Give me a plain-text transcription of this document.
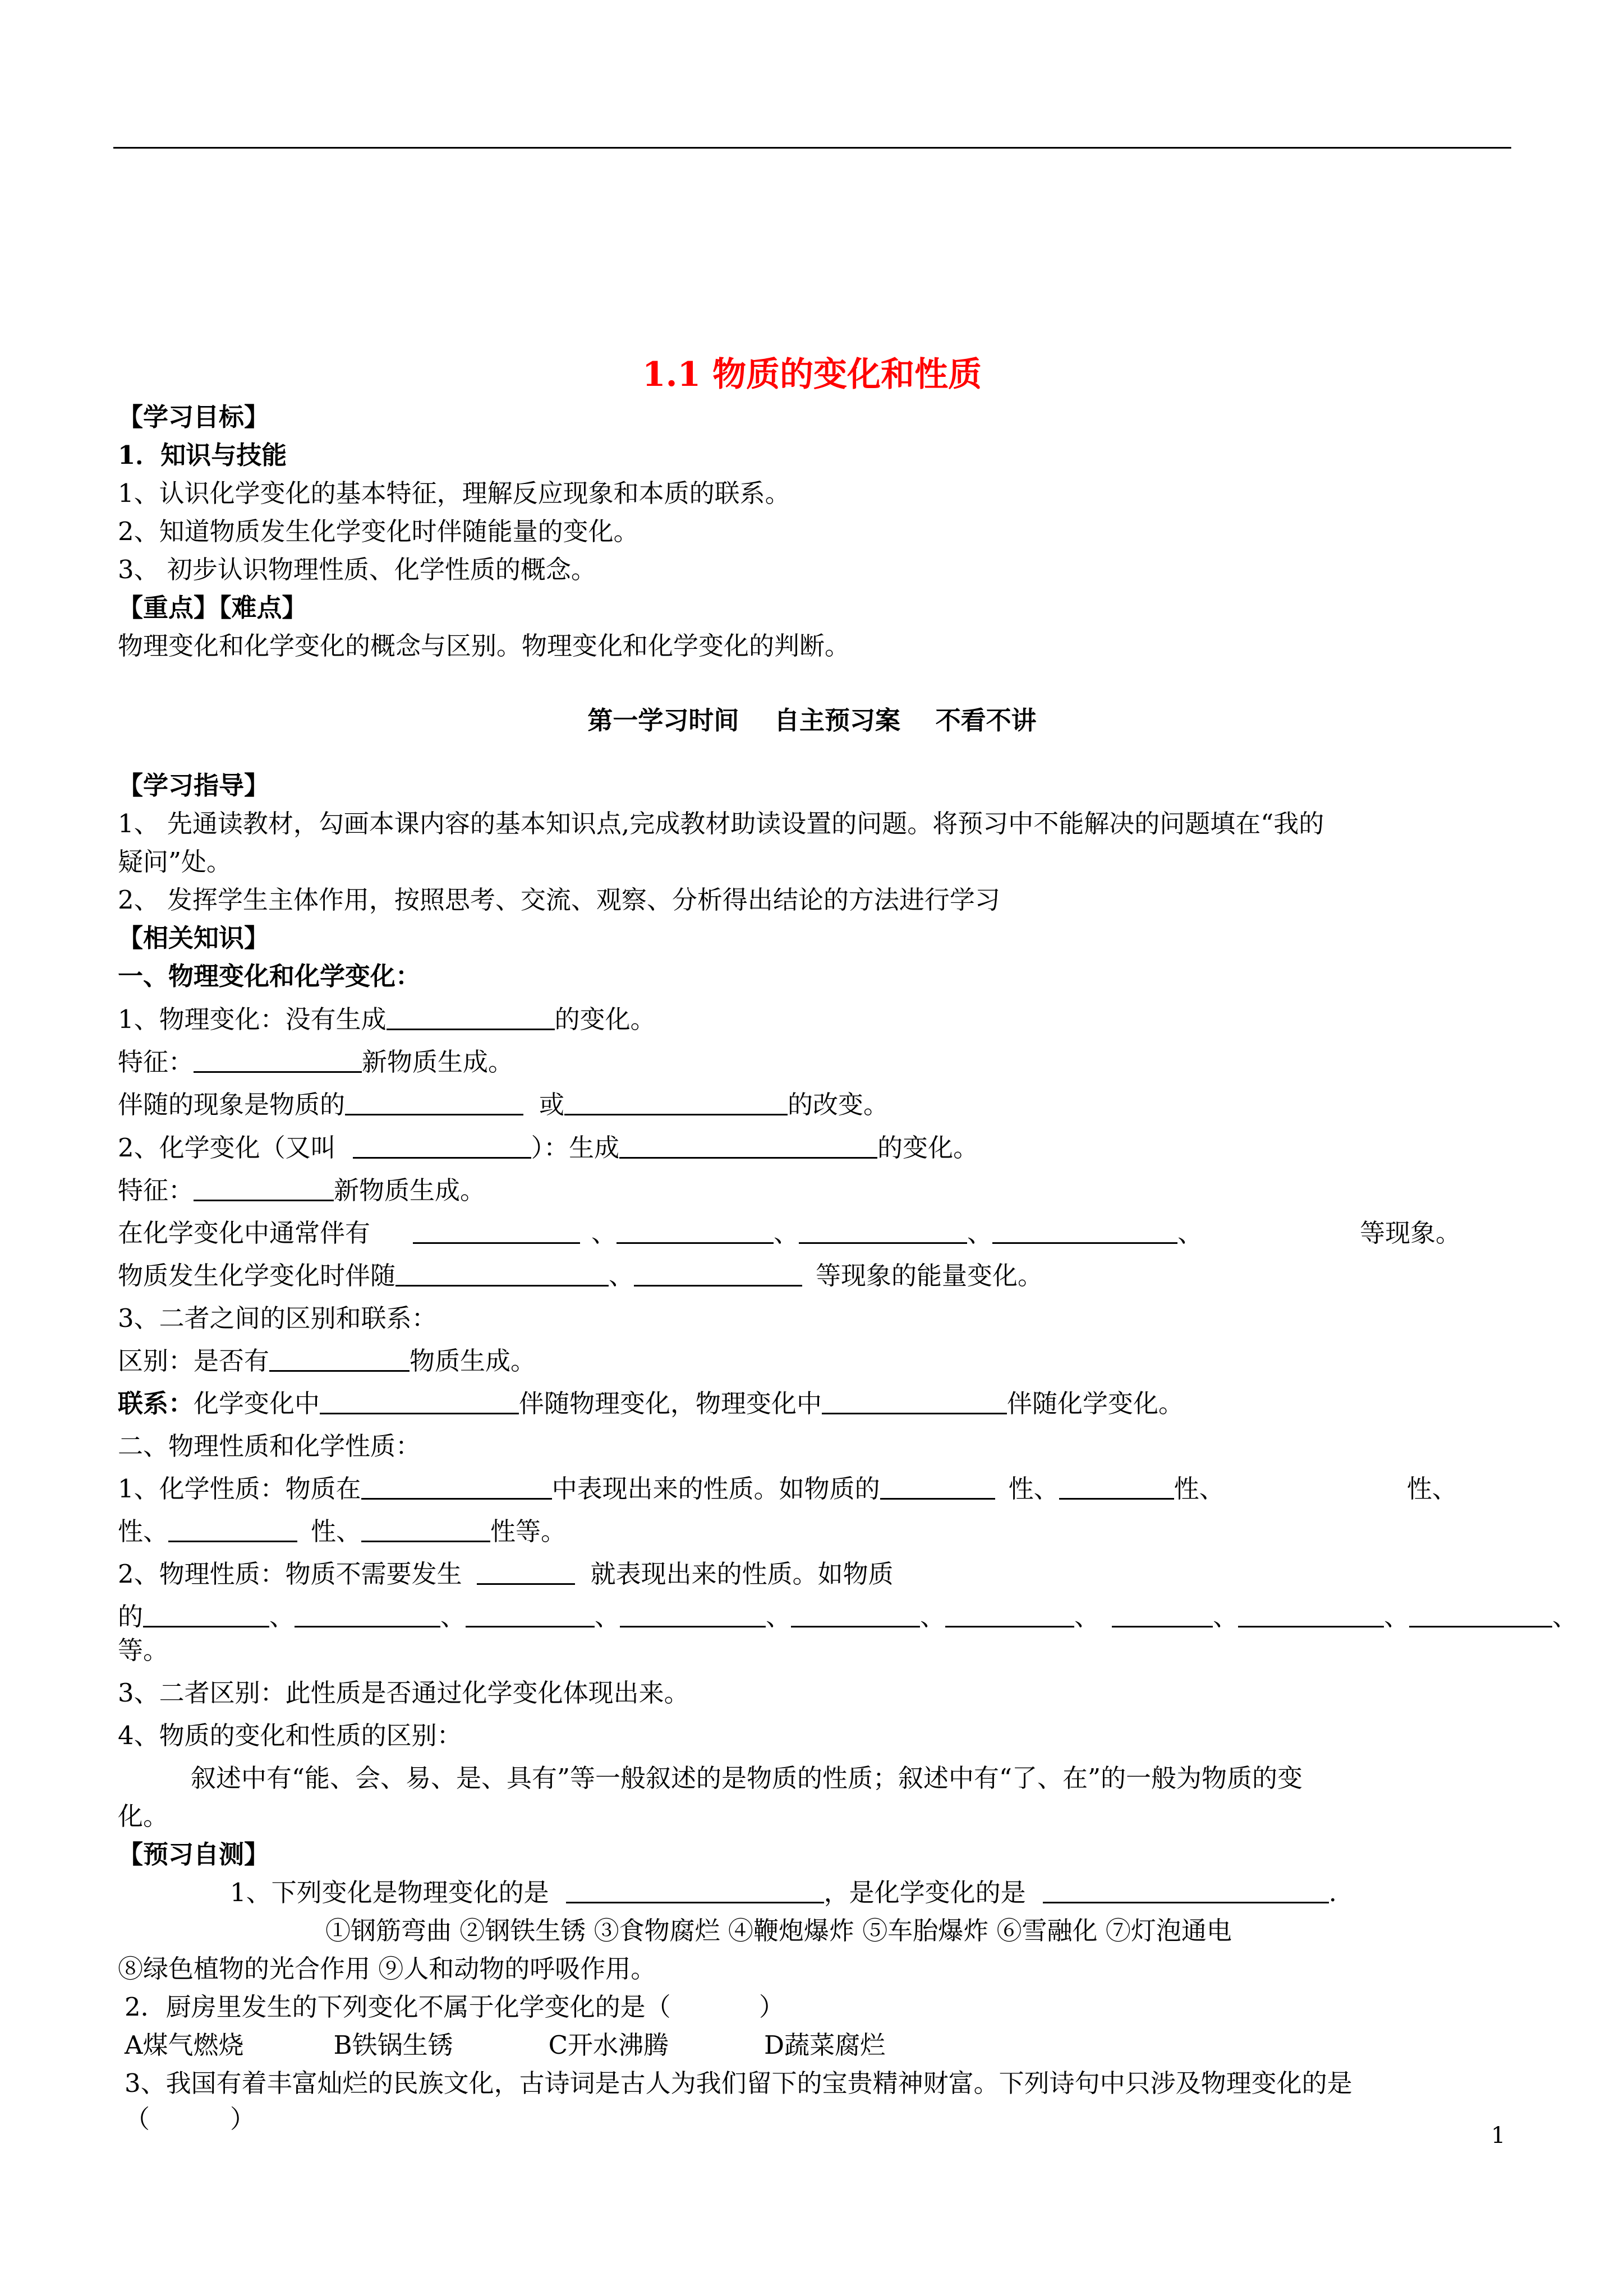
1.1 物质的变化和性质
【学习目标】
1．知识与技能
1、认识化学变化的基本特征，理解反应现象和本质的联系。
2、知道物质发生化学变化时伴随能量的变化。
3、 初步认识物理性质、化学性质的概念。
【重点】【难点】
物理变化和化学变化的概念与区别。物理变化和化学变化的判断。
第一学习时间    自主预习案    不看不讲
【学习指导】
1、 先通读教材，勾画本课内容的基本知识点,完成教材助读设置的问题。将预习中不能解决的问题填在“我的
疑问”处。
2、 发挥学生主体作用，按照思考、交流、观察、分析得出结论的方法进行学习
【相关知识】
一、物理变化和化学变化：
1、物理变化：没有生成	的变化。
特征：	新物质生成。
伴随的现象是物质的	或	的改变。
2、化学变化（又叫	）：生成	的变化。
特征：	新物质生成。
在化学变化中通常伴有	、	、	、	、	等现象。
物质发生化学变化时伴随	、	等现象的能量变化。
3、二者之间的区别和联系：
区别：是否有	物质生成。
联系：化学变化中	伴随物理变化，物理变化中	伴随化学变化。
二、物理性质和化学性质：
1、化学性质：物质在	中表现出来的性质。如物质的	性、	性、	性、
性、	性、	性等。
2、物理性质：物质不需要发生	就表现出来的性质。如物质
的	、	、	、	、	、	、	、	、	、
等。
3、二者区别：此性质是否通过化学变化体现出来。
4、物质的变化和性质的区别：
叙述中有“能、会、易、是、具有”等一般叙述的是物质的性质；叙述中有“了、在”的一般为物质的变
化。
【预习自测】
1、下列变化是物理变化的是	，是化学变化的是	.
①钢筋弯曲 ②钢铁生锈 ③食物腐烂 ④鞭炮爆炸 ⑤车胎爆炸 ⑥雪融化 ⑦灯泡通电
⑧绿色植物的光合作用 ⑨人和动物的呼吸作用。
2．厨房里发生的下列变化不属于化学变化的是（           ）
A煤气燃烧	B铁锅生锈	C开水沸腾	D蔬菜腐烂
3、我国有着丰富灿烂的民族文化，古诗词是古人为我们留下的宝贵精神财富。下列诗句中只涉及物理变化的是
（          ）
1
